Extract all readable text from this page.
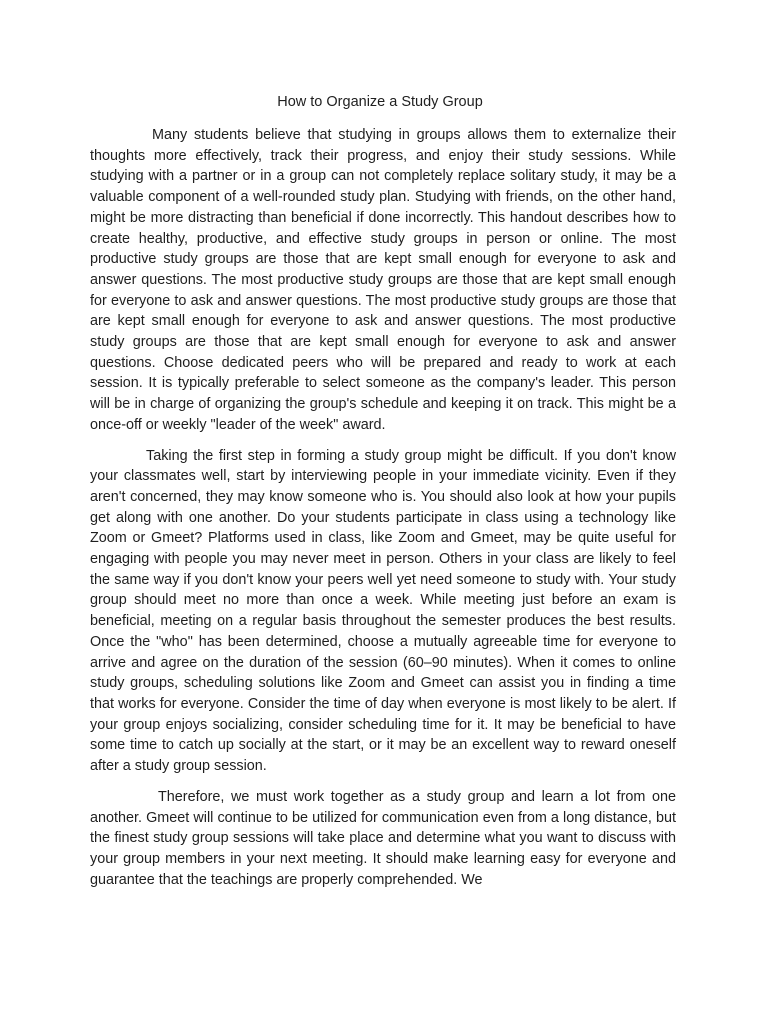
How to Organize a Study Group

Many students believe that studying in groups allows them to externalize their thoughts more effectively, track their progress, and enjoy their study sessions. While studying with a partner or in a group can not completely replace solitary study, it may be a valuable component of a well-rounded study plan. Studying with friends, on the other hand, might be more distracting than beneficial if done incorrectly. This handout describes how to create healthy, productive, and effective study groups in person or online. The most productive study groups are those that are kept small enough for everyone to ask and answer questions. The most productive study groups are those that are kept small enough for everyone to ask and answer questions. The most productive study groups are those that are kept small enough for everyone to ask and answer questions. The most productive study groups are those that are kept small enough for everyone to ask and answer questions. Choose dedicated peers who will be prepared and ready to work at each session. It is typically preferable to select someone as the company's leader. This person will be in charge of organizing the group's schedule and keeping it on track. This might be a once-off or weekly "leader of the week" award.

Taking the first step in forming a study group might be difficult. If you don't know your classmates well, start by interviewing people in your immediate vicinity. Even if they aren't concerned, they may know someone who is. You should also look at how your pupils get along with one another. Do your students participate in class using a technology like Zoom or Gmeet? Platforms used in class, like Zoom and Gmeet, may be quite useful for engaging with people you may never meet in person. Others in your class are likely to feel the same way if you don't know your peers well yet need someone to study with. Your study group should meet no more than once a week. While meeting just before an exam is beneficial, meeting on a regular basis throughout the semester produces the best results. Once the "who" has been determined, choose a mutually agreeable time for everyone to arrive and agree on the duration of the session (60–90 minutes). When it comes to online study groups, scheduling solutions like Zoom and Gmeet can assist you in finding a time that works for everyone. Consider the time of day when everyone is most likely to be alert. If your group enjoys socializing, consider scheduling time for it. It may be beneficial to have some time to catch up socially at the start, or it may be an excellent way to reward oneself after a study group session.

Therefore, we must work together as a study group and learn a lot from one another. Gmeet will continue to be utilized for communication even from a long distance, but the finest study group sessions will take place and determine what you want to discuss with your group members in your next meeting. It should make learning easy for everyone and guarantee that the teachings are properly comprehended. We
